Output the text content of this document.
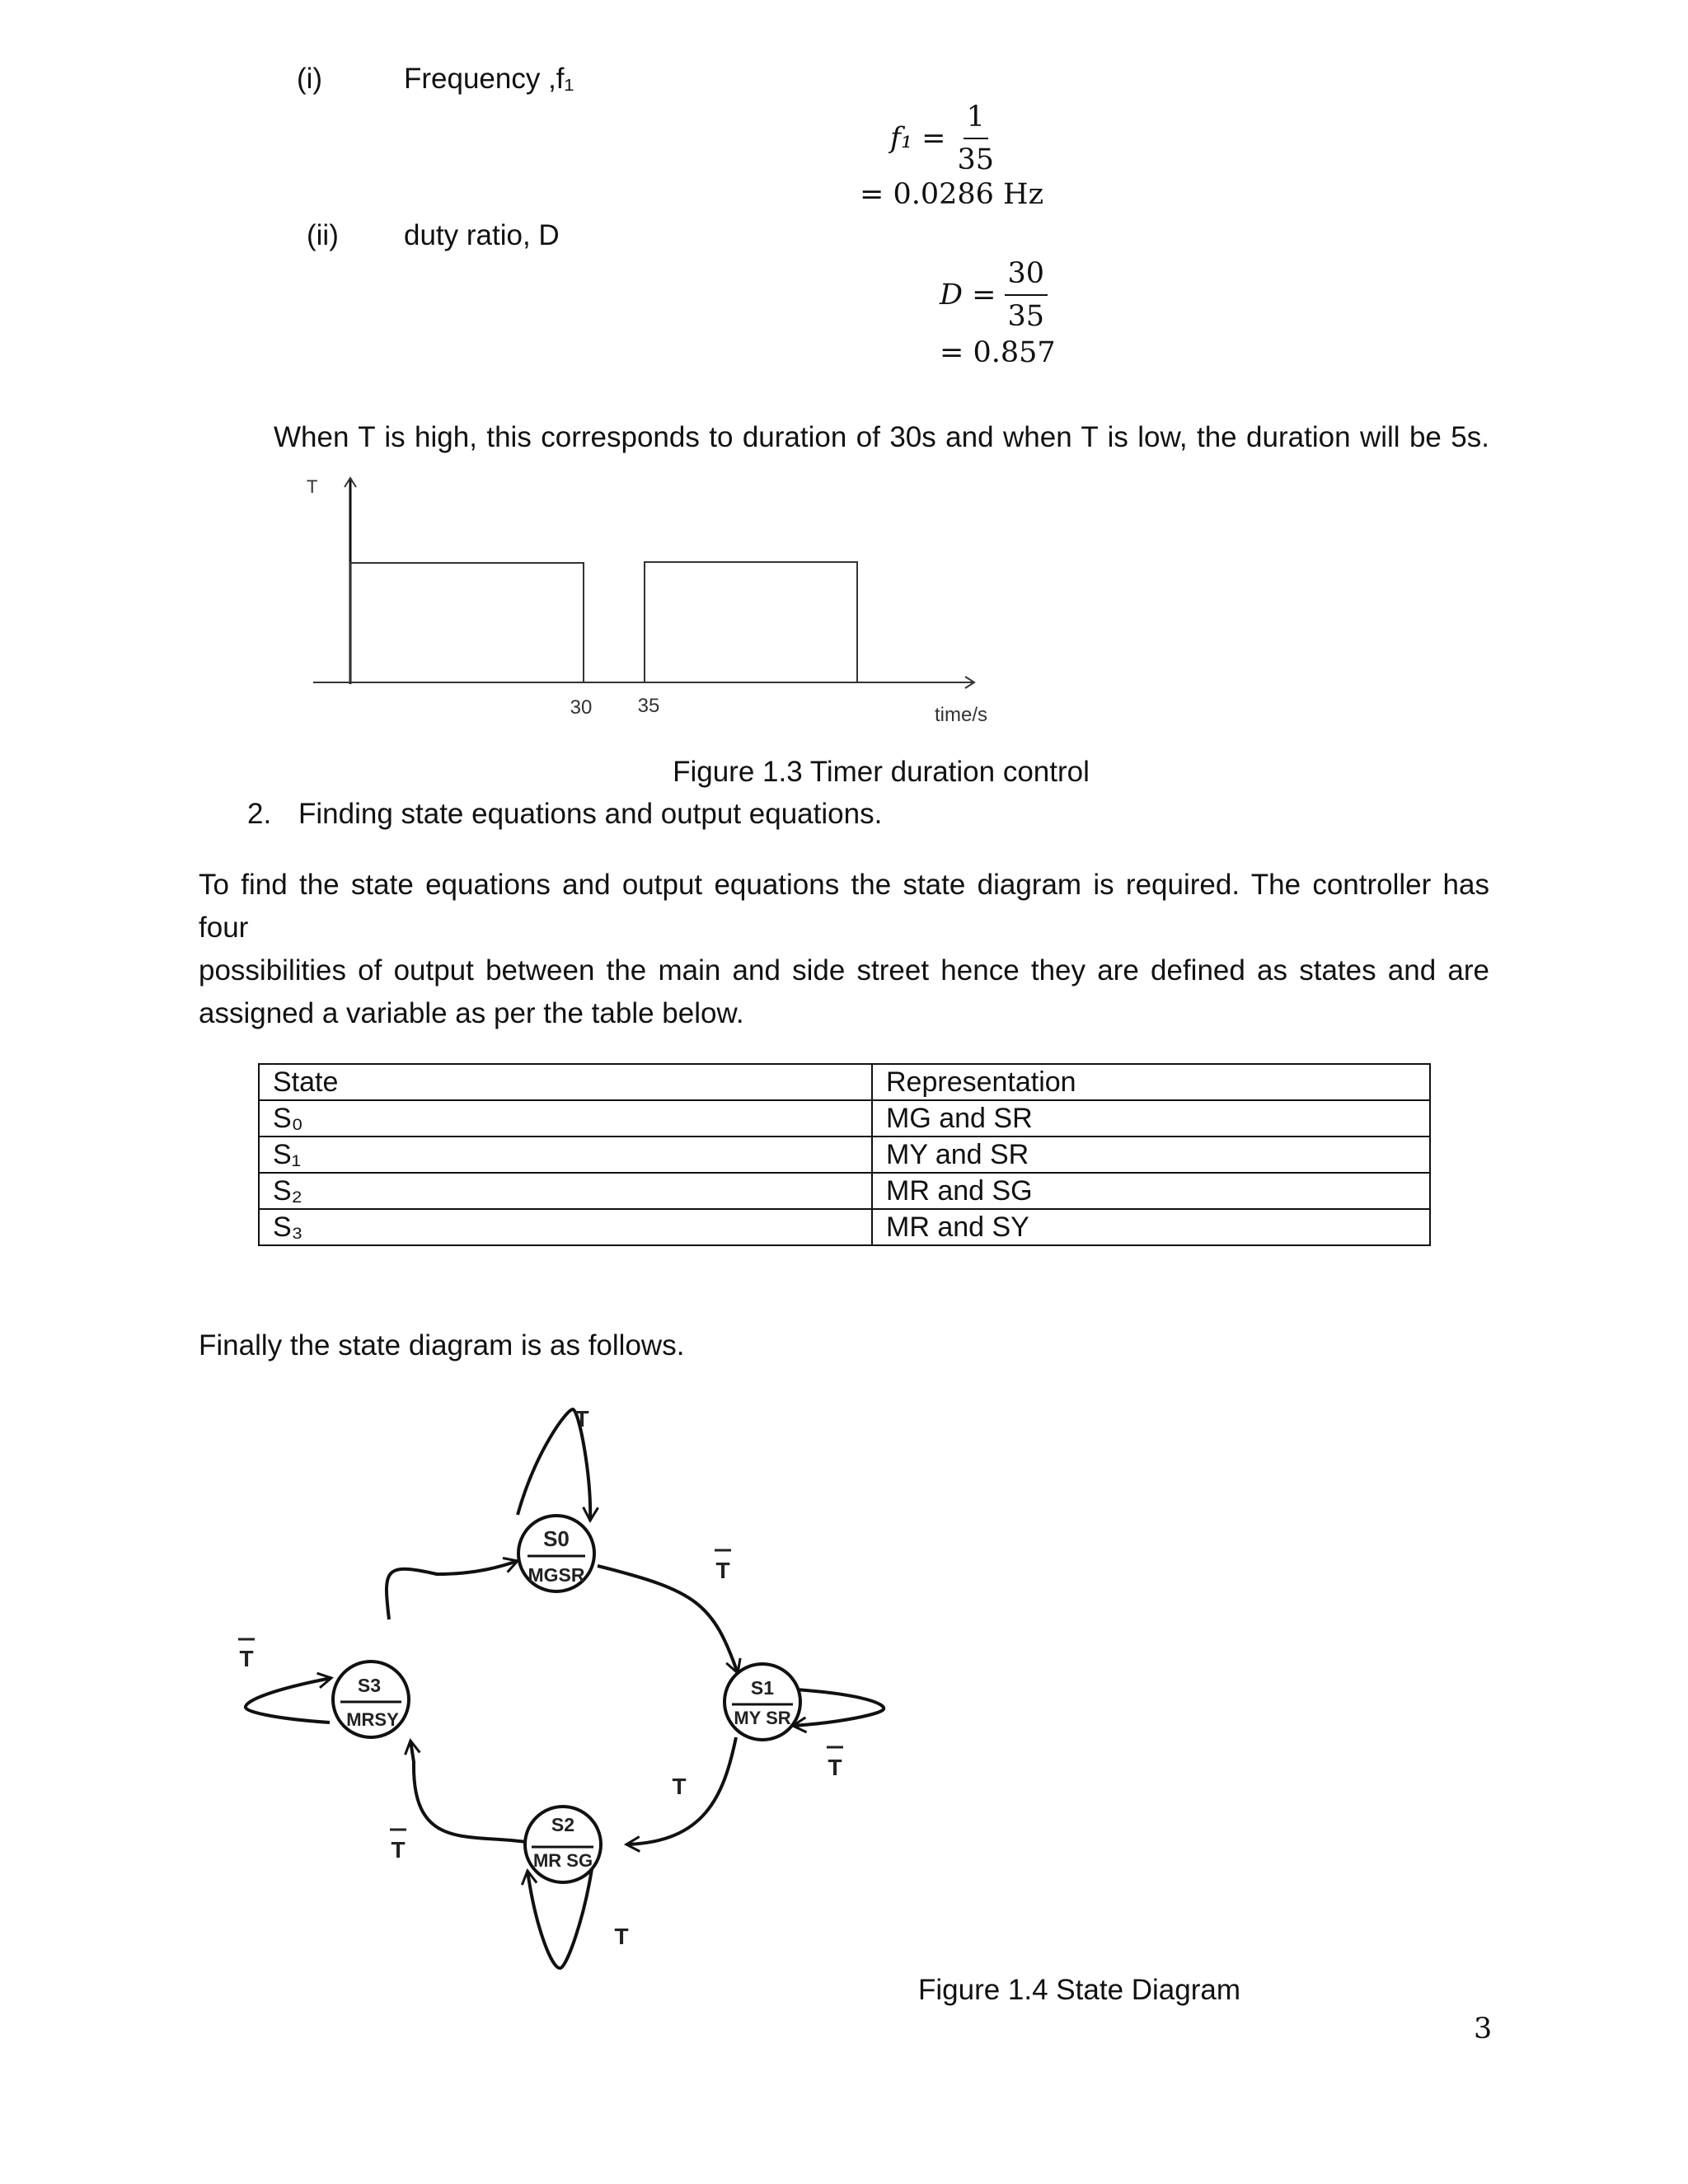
(i)	Frequency ,f₁
$f_1 = \frac{1}{35}$
= 0.0286 Hz
(ii) duty ratio, D
$D = \frac{30}{35}$
= 0.857
When T is high, this corresponds to duration of 30s and when T is low, the duration will be 5s.
T
30 35	time/s
Figure 1.3 Timer duration control
2. Finding state equations and output equations.
To find the state equations and output equations the state diagram is required. The controller has four
possibilities of output between the main and side street hence they are defined as states and are
assigned a variable as per the table below.
State	Representation
S₀	MG and SR
S₁	MY and SR
S₂	MR and SG
S₃	MR and SY
Finally the state diagram is as follows.
S0
MGSR
S1
MY SR
S2
MR SG
S3
MRSY
T
T
T
T
T
T
T
Figure 1.4 State Diagram
3
